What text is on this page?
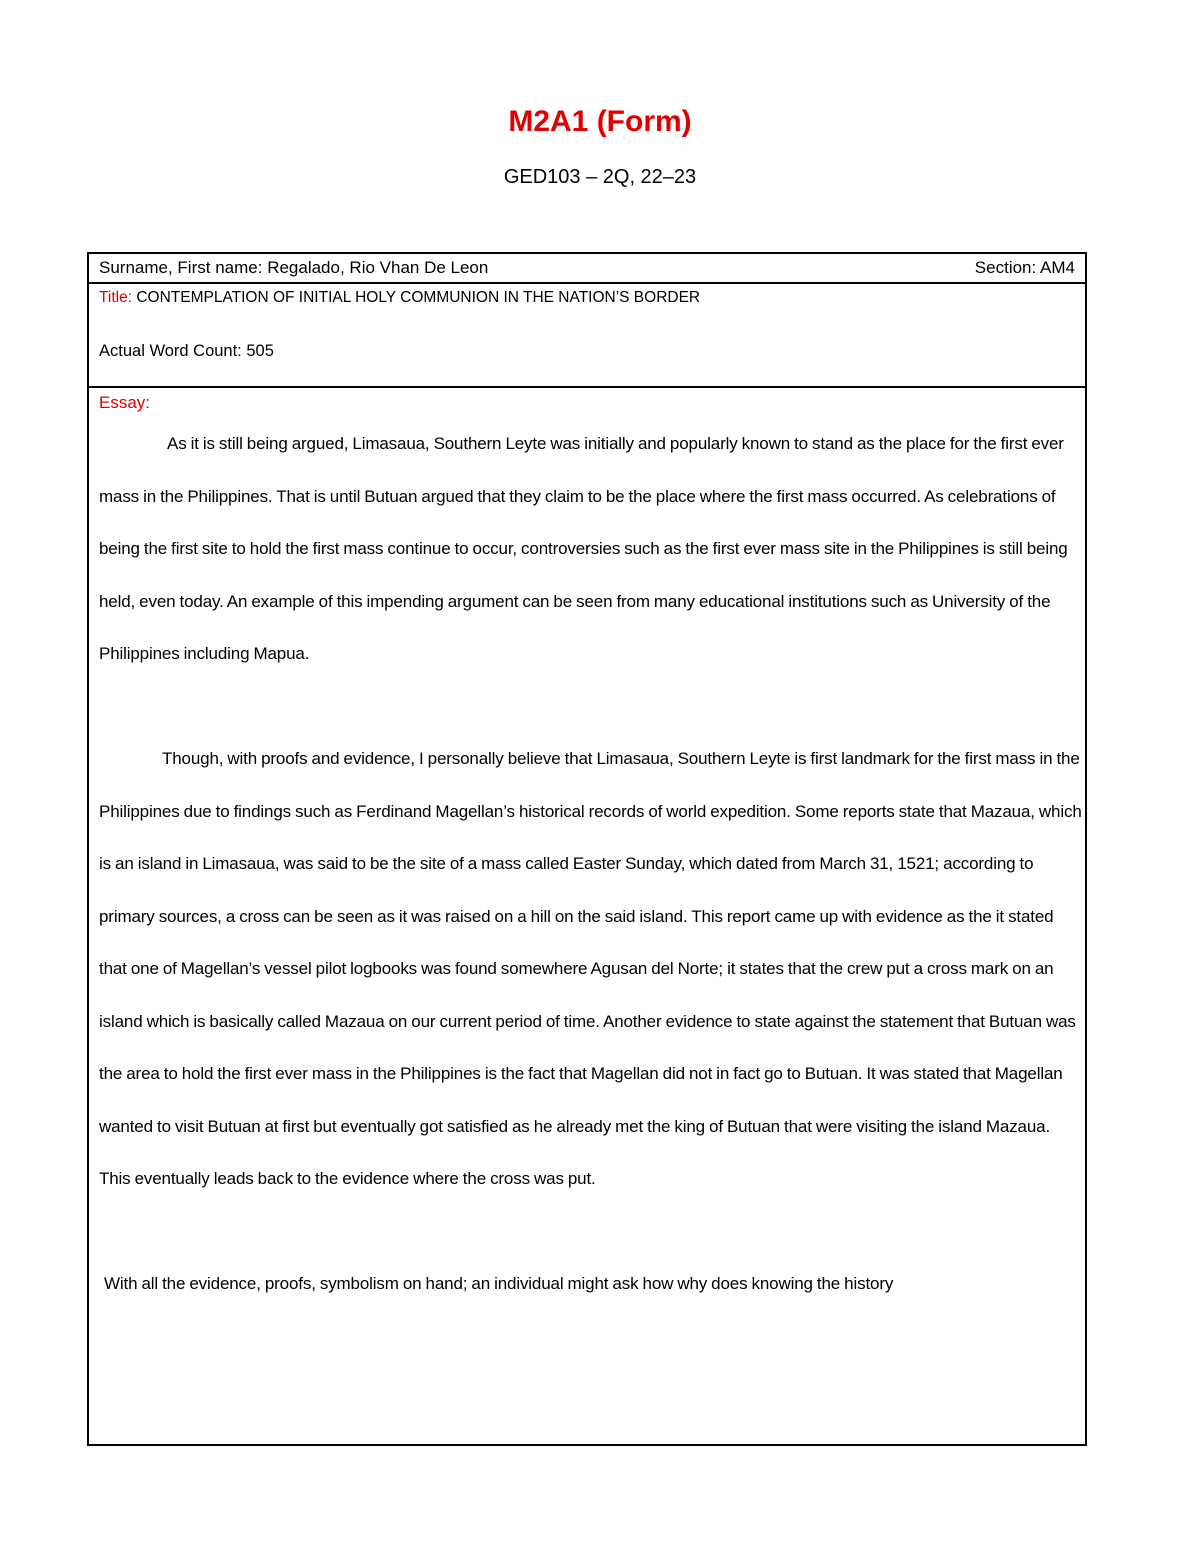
M2A1 (Form)
GED103 – 2Q, 22–23
Surname, First name: Regalado, Rio Vhan De Leon	Section: AM4
Title: CONTEMPLATION OF INITIAL HOLY COMMUNION IN THE NATION’S BORDER
Actual Word Count: 505
Essay:

As it is still being argued, Limasaua, Southern Leyte was initially and popularly known to stand as the place for the first ever mass in the Philippines. That is until Butuan argued that they claim to be the place where the first mass occurred. As celebrations of being the first site to hold the first mass continue to occur, controversies such as the first ever mass site in the Philippines is still being held, even today. An example of this impending argument can be seen from many educational institutions such as University of the Philippines including Mapua.

Though, with proofs and evidence, I personally believe that Limasaua, Southern Leyte is first landmark for the first mass in the Philippines due to findings such as Ferdinand Magellan’s historical records of world expedition. Some reports state that Mazaua, which is an island in Limasaua, was said to be the site of a mass called Easter Sunday, which dated from March 31, 1521; according to primary sources, a cross can be seen as it was raised on a hill on the said island. This report came up with evidence as the it stated that one of Magellan’s vessel pilot logbooks was found somewhere Agusan del Norte; it states that the crew put a cross mark on an island which is basically called Mazaua on our current period of time. Another evidence to state against the statement that Butuan was the area to hold the first ever mass in the Philippines is the fact that Magellan did not in fact go to Butuan. It was stated that Magellan wanted to visit Butuan at first but eventually got satisfied as he already met the king of Butuan that were visiting the island Mazaua. This eventually leads back to the evidence where the cross was put.

With all the evidence, proofs, symbolism on hand; an individual might ask how why does knowing the history
